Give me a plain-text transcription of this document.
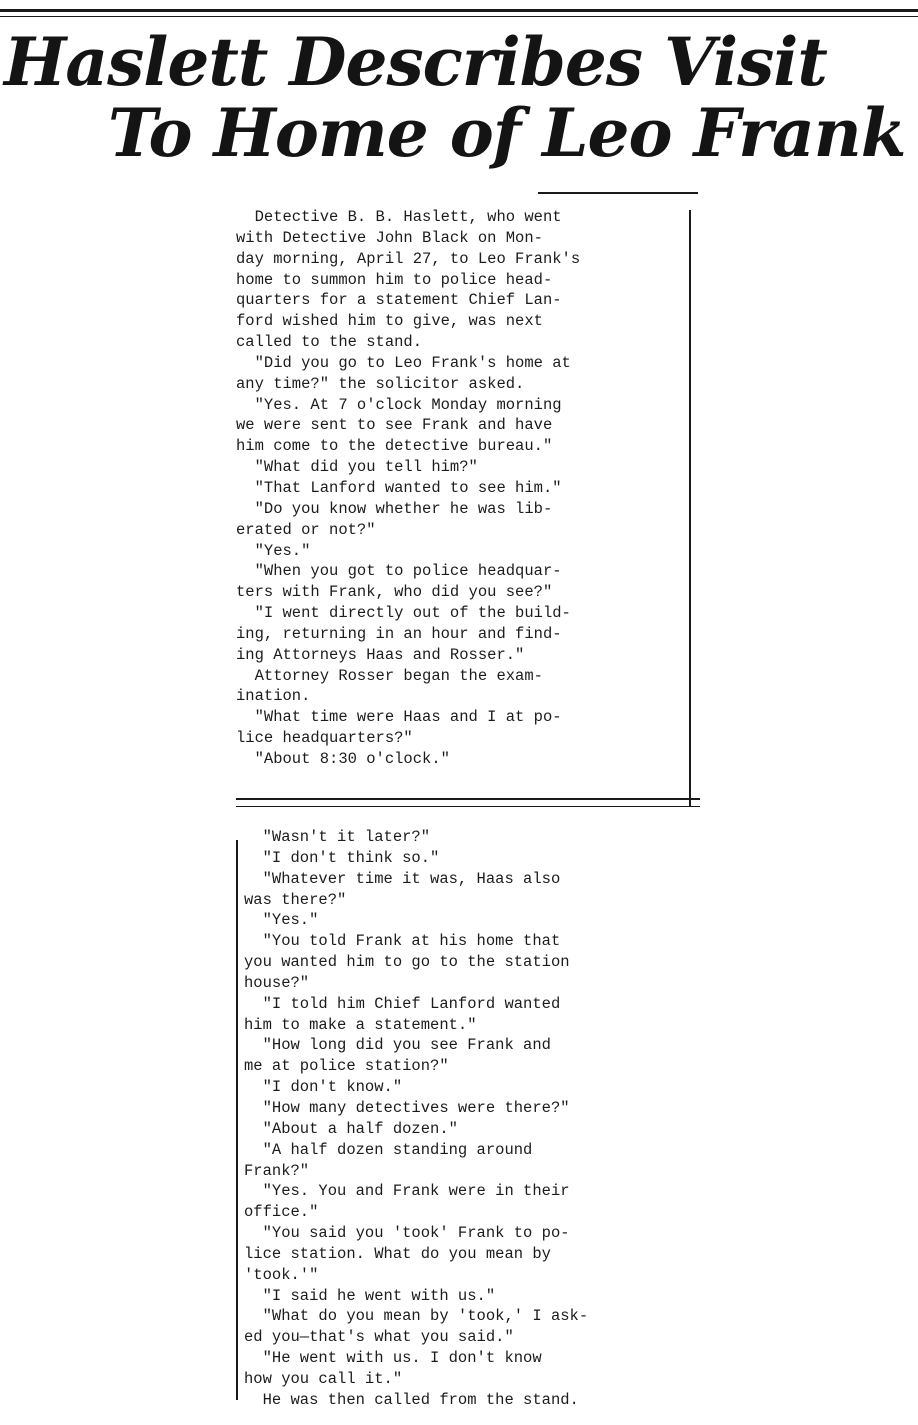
Haslett Describes Visit
To Home of Leo Frank
Detective B. B. Haslett, who went
with Detective John Black on Mon-
day morning, April 27, to Leo Frank's
home to summon him to police head-
quarters for a statement Chief Lan-
ford wished him to give, was next
called to the stand.
"Did you go to Leo Frank's home at
any time?" the solicitor asked.
"Yes. At 7 o'clock Monday morning
we were sent to see Frank and have
him come to the detective bureau."
"What did you tell him?"
"That Lanford wanted to see him."
"Do you know whether he was lib-
erated or not?"
"Yes."
"When you got to police headquar-
ters with Frank, who did you see?"
"I went directly out of the build-
ing, returning in an hour and find-
ing Attorneys Haas and Rosser."
Attorney Rosser began the exam-
ination.
"What time were Haas and I at po-
lice headquarters?"
"About 8:30 o'clock."
"Wasn't it later?"
"I don't think so."
"Whatever time it was, Haas also
was there?"
"Yes."
"You told Frank at his home that
you wanted him to go to the station
house?"
"I told him Chief Lanford wanted
him to make a statement."
"How long did you see Frank and
me at police station?"
"I don't know."
"How many detectives were there?"
"About a half dozen."
"A half dozen standing around
Frank?"
"Yes. You and Frank were in their
office."
"You said you 'took' Frank to po-
lice station. What do you mean by
'took.'"
"I said he went with us."
"What do you mean by 'took,' I ask-
ed you—that's what you said."
"He went with us. I don't know
how you call it."
He was then called from the stand.
